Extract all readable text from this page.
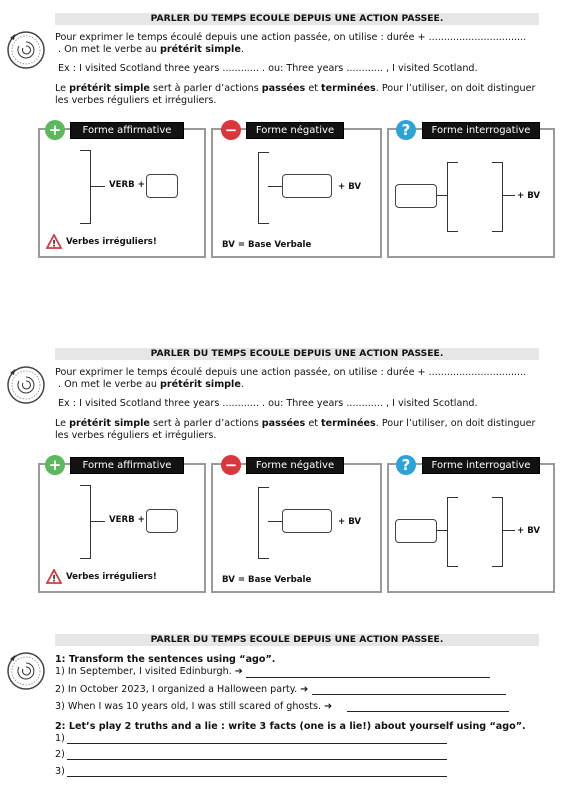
PARLER DU TEMPS ECOULE DEPUIS UNE ACTION PASSEE.
Pour exprimer le temps écoulé depuis une action passée, on utilise : durée + ................................
. On met le verbe au prétérit simple.
Ex : I visited Scotland three years ............ . ou: Three years ............ , I visited Scotland.
Le prétérit simple sert à parler d’actions passées et terminées. Pour l’utiliser, on doit distinguer
les verbes réguliers et irréguliers.
+	Forme affirmative
VERB +
! Verbes irréguliers!
−	Forme négative
+ BV
BV = Base Verbale
?	Forme interrogative
+ BV
PARLER DU TEMPS ECOULE DEPUIS UNE ACTION PASSEE.
Pour exprimer le temps écoulé depuis une action passée, on utilise : durée + ................................
. On met le verbe au prétérit simple.
Ex : I visited Scotland three years ............ . ou: Three years ............ , I visited Scotland.
Le prétérit simple sert à parler d’actions passées et terminées. Pour l’utiliser, on doit distinguer
les verbes réguliers et irréguliers.
+	Forme affirmative
VERB +
! Verbes irréguliers!
−	Forme négative
+ BV
BV = Base Verbale
?	Forme interrogative
+ BV
PARLER DU TEMPS ECOULE DEPUIS UNE ACTION PASSEE.
1: Transform the sentences using “ago”.
1) In September, I visited Edinburgh. ➔
2) In October 2023, I organized a Halloween party. ➔
3) When I was 10 years old, I was still scared of ghosts. ➔
2: Let’s play 2 truths and a lie : write 3 facts (one is a lie!) about yourself using “ago”.
1)
2)
3)
